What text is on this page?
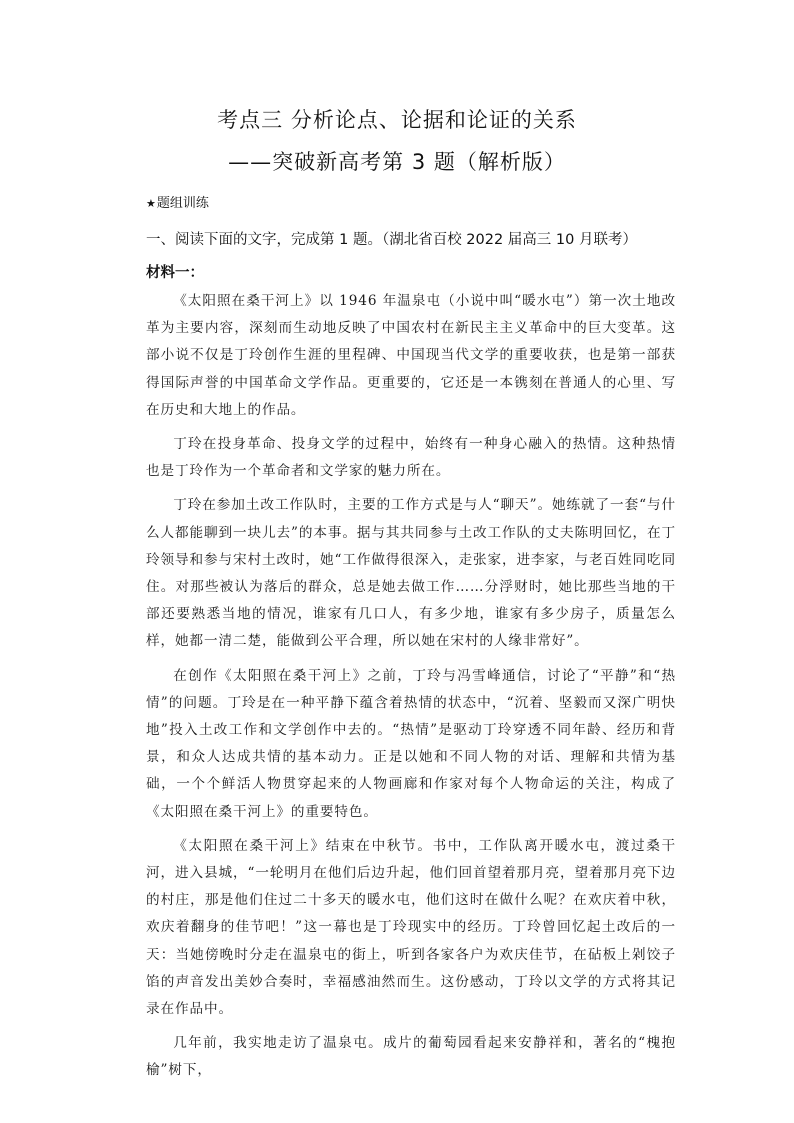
考点三 分析论点、论据和论证的关系
——突破新高考第 3 题（解析版）
★题组训练
一、阅读下面的文字，完成第 1 题。（湖北省百校 2022 届高三 10 月联考）
材料一：

《太阳照在桑干河上》以 1946 年温泉屯（小说中叫“暖水屯”）第一次土地改革为主要内容，深刻而生动地反映了中国农村在新民主主义革命中的巨大变革。这部小说不仅是丁玲创作生涯的里程碑、中国现当代文学的重要收获，也是第一部获得国际声誉的中国革命文学作品。更重要的，它还是一本镌刻在普通人的心里、写在历史和大地上的作品。

丁玲在投身革命、投身文学的过程中，始终有一种身心融入的热情。这种热情也是丁玲作为一个革命者和文学家的魅力所在。

丁玲在参加土改工作队时，主要的工作方式是与人“聊天”。她练就了一套“与什么人都能聊到一块儿去”的本事。据与其共同参与土改工作队的丈夫陈明回忆，在丁玲领导和参与宋村土改时，她“工作做得很深入，走张家，进李家，与老百姓同吃同住。对那些被认为落后的群众，总是她去做工作……分浮财时，她比那些当地的干部还要熟悉当地的情况，谁家有几口人，有多少地，谁家有多少房子，质量怎么样，她都一清二楚，能做到公平合理，所以她在宋村的人缘非常好”。

在创作《太阳照在桑干河上》之前，丁玲与冯雪峰通信，讨论了“平静”和“热情”的问题。丁玲是在一种平静下蕴含着热情的状态中，“沉着、坚毅而又深广明快地”投入土改工作和文学创作中去的。“热情”是驱动丁玲穿透不同年龄、经历和背景，和众人达成共情的基本动力。正是以她和不同人物的对话、理解和共情为基础，一个个鲜活人物贯穿起来的人物画廊和作家对每个人物命运的关注，构成了《太阳照在桑干河上》的重要特色。

《太阳照在桑干河上》结束在中秋节。书中，工作队离开暖水屯，渡过桑干河，进入县城，“一轮明月在他们后边升起，他们回首望着那月亮，望着那月亮下边的村庄，那是他们住过二十多天的暖水屯，他们这时在做什么呢？在欢庆着中秋，欢庆着翻身的佳节吧！”这一幕也是丁玲现实中的经历。丁玲曾回忆起土改后的一天：当她傍晚时分走在温泉屯的街上，听到各家各户为欢庆佳节，在砧板上剁饺子馅的声音发出美妙合奏时，幸福感油然而生。这份感动，丁玲以文学的方式将其记录在作品中。

几年前，我实地走访了温泉屯。成片的葡萄园看起来安静祥和，著名的“槐抱榆”树下，
